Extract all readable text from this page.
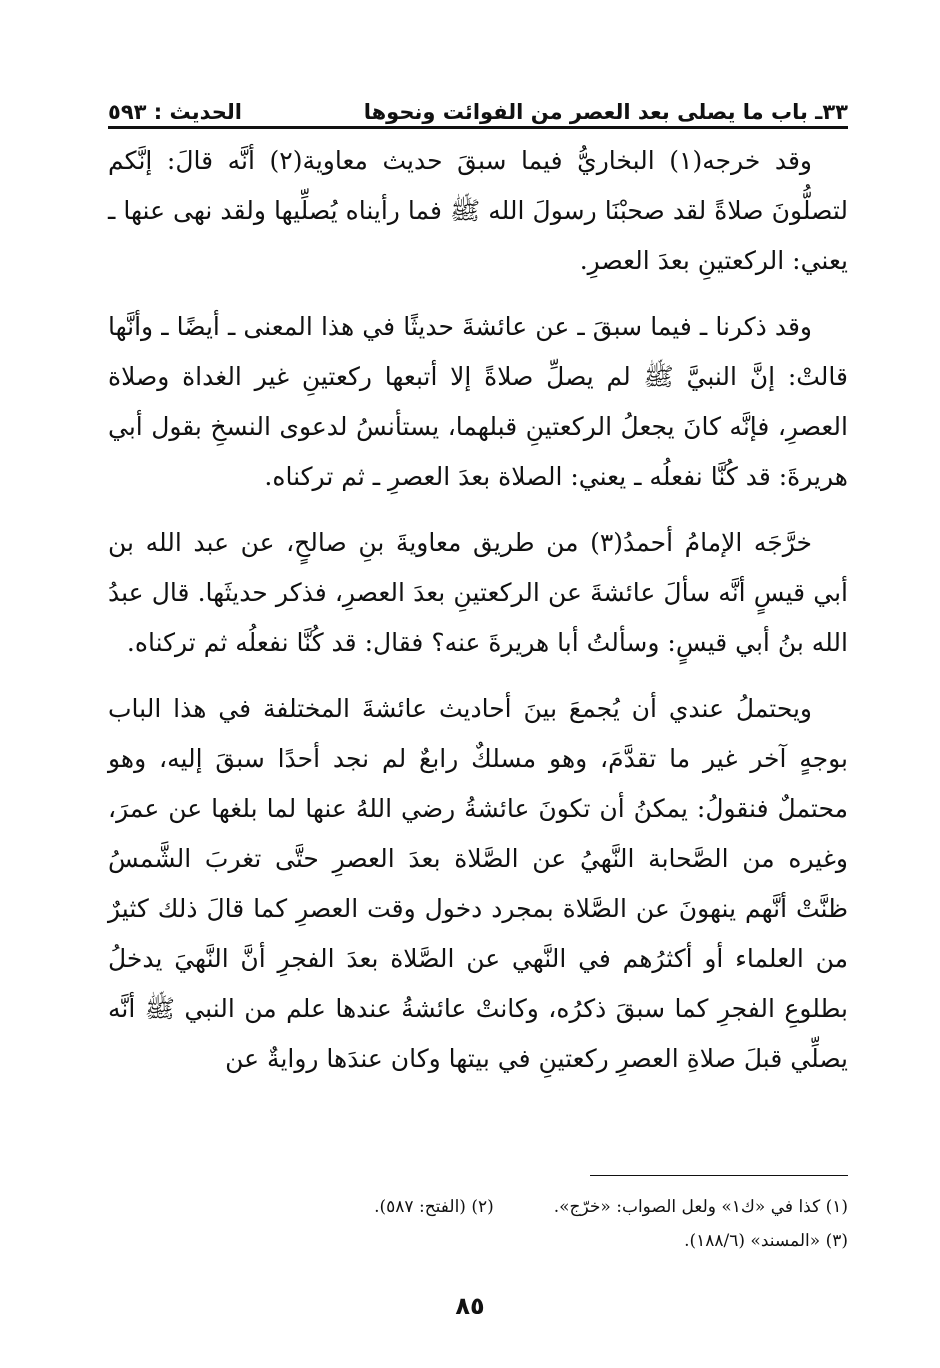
٣٣ـ باب ما يصلى بعد العصر من الفوائت ونحوها
الحديث : ٥٩٣

وقد خرجه(١) البخاريُّ فيما سبقَ حديث معاوية(٢) أنَّه قالَ: إنَّكم لتصلُّونَ صلاةً لقد صحبْنَا رسولَ الله ﷺ فما رأيناه يُصلِّيها ولقد نهى عنها ـ يعني: الركعتينِ بعدَ العصرِ.

وقد ذكرنا ـ فيما سبقَ ـ عن عائشةَ حديثًا في هذا المعنى ـ أيضًا ـ وأنَّها قالتْ: إنَّ النبيَّ ﷺ لم يصلِّ صلاةً إلا أتبعها ركعتينِ غير الغداة وصلاة العصرِ، فإنَّه كانَ يجعلُ الركعتينِ قبلهما، يستأنسُ لدعوى النسخِ بقول أبي هريرةَ: قد كُنَّا نفعلُه ـ يعني: الصلاة بعدَ العصرِ ـ ثم تركناه.

خرَّجَه الإمامُ أحمدُ(٣) من طريق معاويةَ بنِ صالحٍ، عن عبد الله بن أبي قيسٍ أنَّه سألَ عائشةَ عن الركعتينِ بعدَ العصرِ، فذكر حديثَها. قال عبدُ الله بنُ أبي قيسٍ: وسألتُ أبا هريرةَ عنه؟ فقال: قد كُنَّا نفعلُه ثم تركناه.

ويحتملُ عندي أن يُجمعَ بينَ أحاديث عائشةَ المختلفة في هذا الباب بوجهٍ آخر غير ما تقدَّمَ، وهو مسلكٌ رابعٌ لم نجد أحدًا سبقَ إليه، وهو محتملٌ فنقولُ: يمكنُ أن تكونَ عائشةُ رضي اللهُ عنها لما بلغها عن عمرَ، وغيره من الصَّحابة النَّهيُ عن الصَّلاة بعدَ العصرِ حتَّى تغربَ الشَّمسُ ظنَّتْ أنَّهم ينهونَ عن الصَّلاة بمجرد دخول وقت العصرِ كما قالَ ذلك كثيرٌ من العلماء أو أكثرُهم في النَّهي عن الصَّلاة بعدَ الفجرِ أنَّ النَّهيَ يدخلُ بطلوعِ الفجرِ كما سبقَ ذكرُه، وكانتْ عائشةُ عندها علم من النبي ﷺ أنَّه يصلِّي قبلَ صلاةِ العصرِ ركعتينِ في بيتها وكان عندَها روايةٌ عن

(١) كذا في «ك١» ولعل الصواب: «خرّج».
(٢) (الفتح: ٥٨٧).
(٣) «المسند» (١٨٨/٦).
٨٥
